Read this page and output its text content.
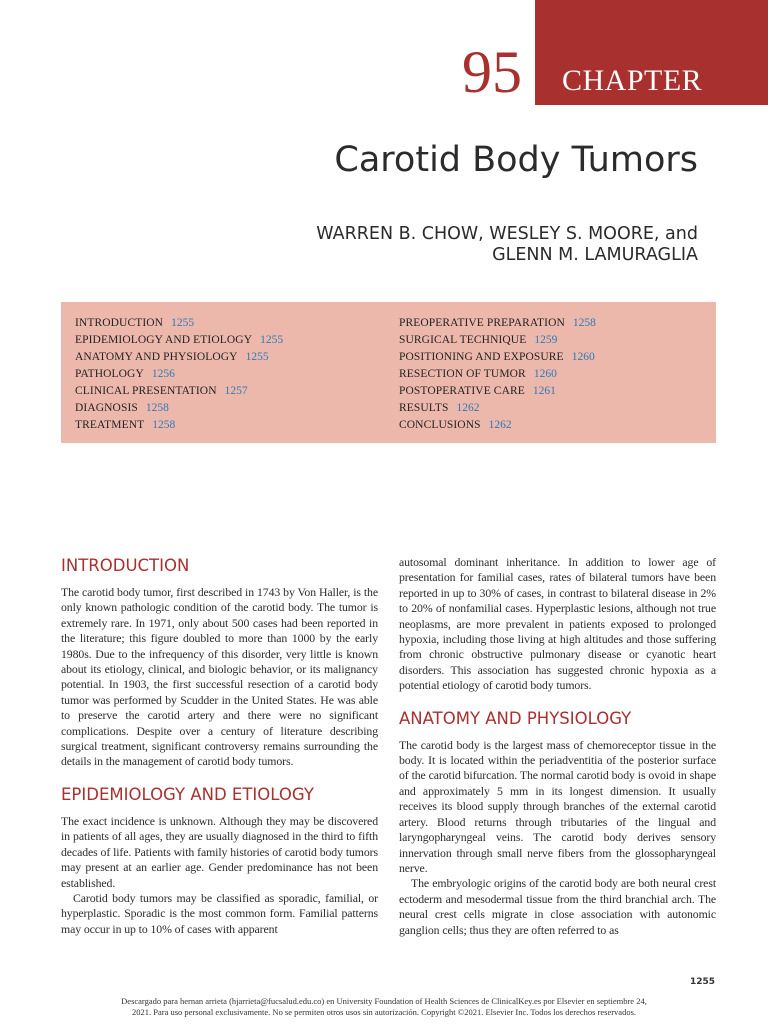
95 CHAPTER
Carotid Body Tumors
WARREN B. CHOW, WESLEY S. MOORE, and
GLENN M. LAMURAGLIA
INTRODUCTION 1255
EPIDEMIOLOGY AND ETIOLOGY 1255
ANATOMY AND PHYSIOLOGY 1255
PATHOLOGY 1256
CLINICAL PRESENTATION 1257
DIAGNOSIS 1258
TREATMENT 1258
PREOPERATIVE PREPARATION 1258
SURGICAL TECHNIQUE 1259
POSITIONING AND EXPOSURE 1260
RESECTION OF TUMOR 1260
POSTOPERATIVE CARE 1261
RESULTS 1262
CONCLUSIONS 1262
INTRODUCTION

The carotid body tumor, first described in 1743 by Von Haller, is the only known pathologic condition of the carotid body. The tumor is extremely rare. In 1971, only about 500 cases had been reported in the literature; this figure doubled to more than 1000 by the early 1980s. Due to the infrequency of this disorder, very little is known about its etiology, clinical, and biologic behavior, or its malignancy potential. In 1903, the first successful resection of a carotid body tumor was performed by Scudder in the United States. He was able to preserve the carotid artery and there were no significant complications. Despite over a century of literature describing surgical treatment, significant controversy remains surrounding the details in the management of carotid body tumors.

EPIDEMIOLOGY AND ETIOLOGY

The exact incidence is unknown. Although they may be discovered in patients of all ages, they are usually diagnosed in the third to fifth decades of life. Patients with family histories of carotid body tumors may present at an earlier age. Gender predominance has not been established.

Carotid body tumors may be classified as sporadic, familial, or hyperplastic. Sporadic is the most common form. Familial patterns may occur in up to 10% of cases with apparent

autosomal dominant inheritance. In addition to lower age of presentation for familial cases, rates of bilateral tumors have been reported in up to 30% of cases, in contrast to bilateral disease in 2% to 20% of nonfamilial cases. Hyperplastic lesions, although not true neoplasms, are more prevalent in patients exposed to prolonged hypoxia, including those living at high altitudes and those suffering from chronic obstructive pulmonary disease or cyanotic heart disorders. This association has suggested chronic hypoxia as a potential etiology of carotid body tumors.

ANATOMY AND PHYSIOLOGY

The carotid body is the largest mass of chemoreceptor tissue in the body. It is located within the periadventitia of the posterior surface of the carotid bifurcation. The normal carotid body is ovoid in shape and approximately 5 mm in its longest dimension. It usually receives its blood supply through branches of the external carotid artery. Blood returns through tributaries of the lingual and laryngopharyngeal veins. The carotid body derives sensory innervation through small nerve fibers from the glossopharyngeal nerve.

The embryologic origins of the carotid body are both neural crest ectoderm and mesodermal tissue from the third branchial arch. The neural crest cells migrate in close association with autonomic ganglion cells; thus they are often referred to as

1255
Descargado para hernan arrieta (hjarrieta@fucsalud.edu.co) en University Foundation of Health Sciences de ClinicalKey.es por Elsevier en septiembre 24,
2021. Para uso personal exclusivamente. No se permiten otros usos sin autorización. Copyright ©2021. Elsevier Inc. Todos los derechos reservados.
